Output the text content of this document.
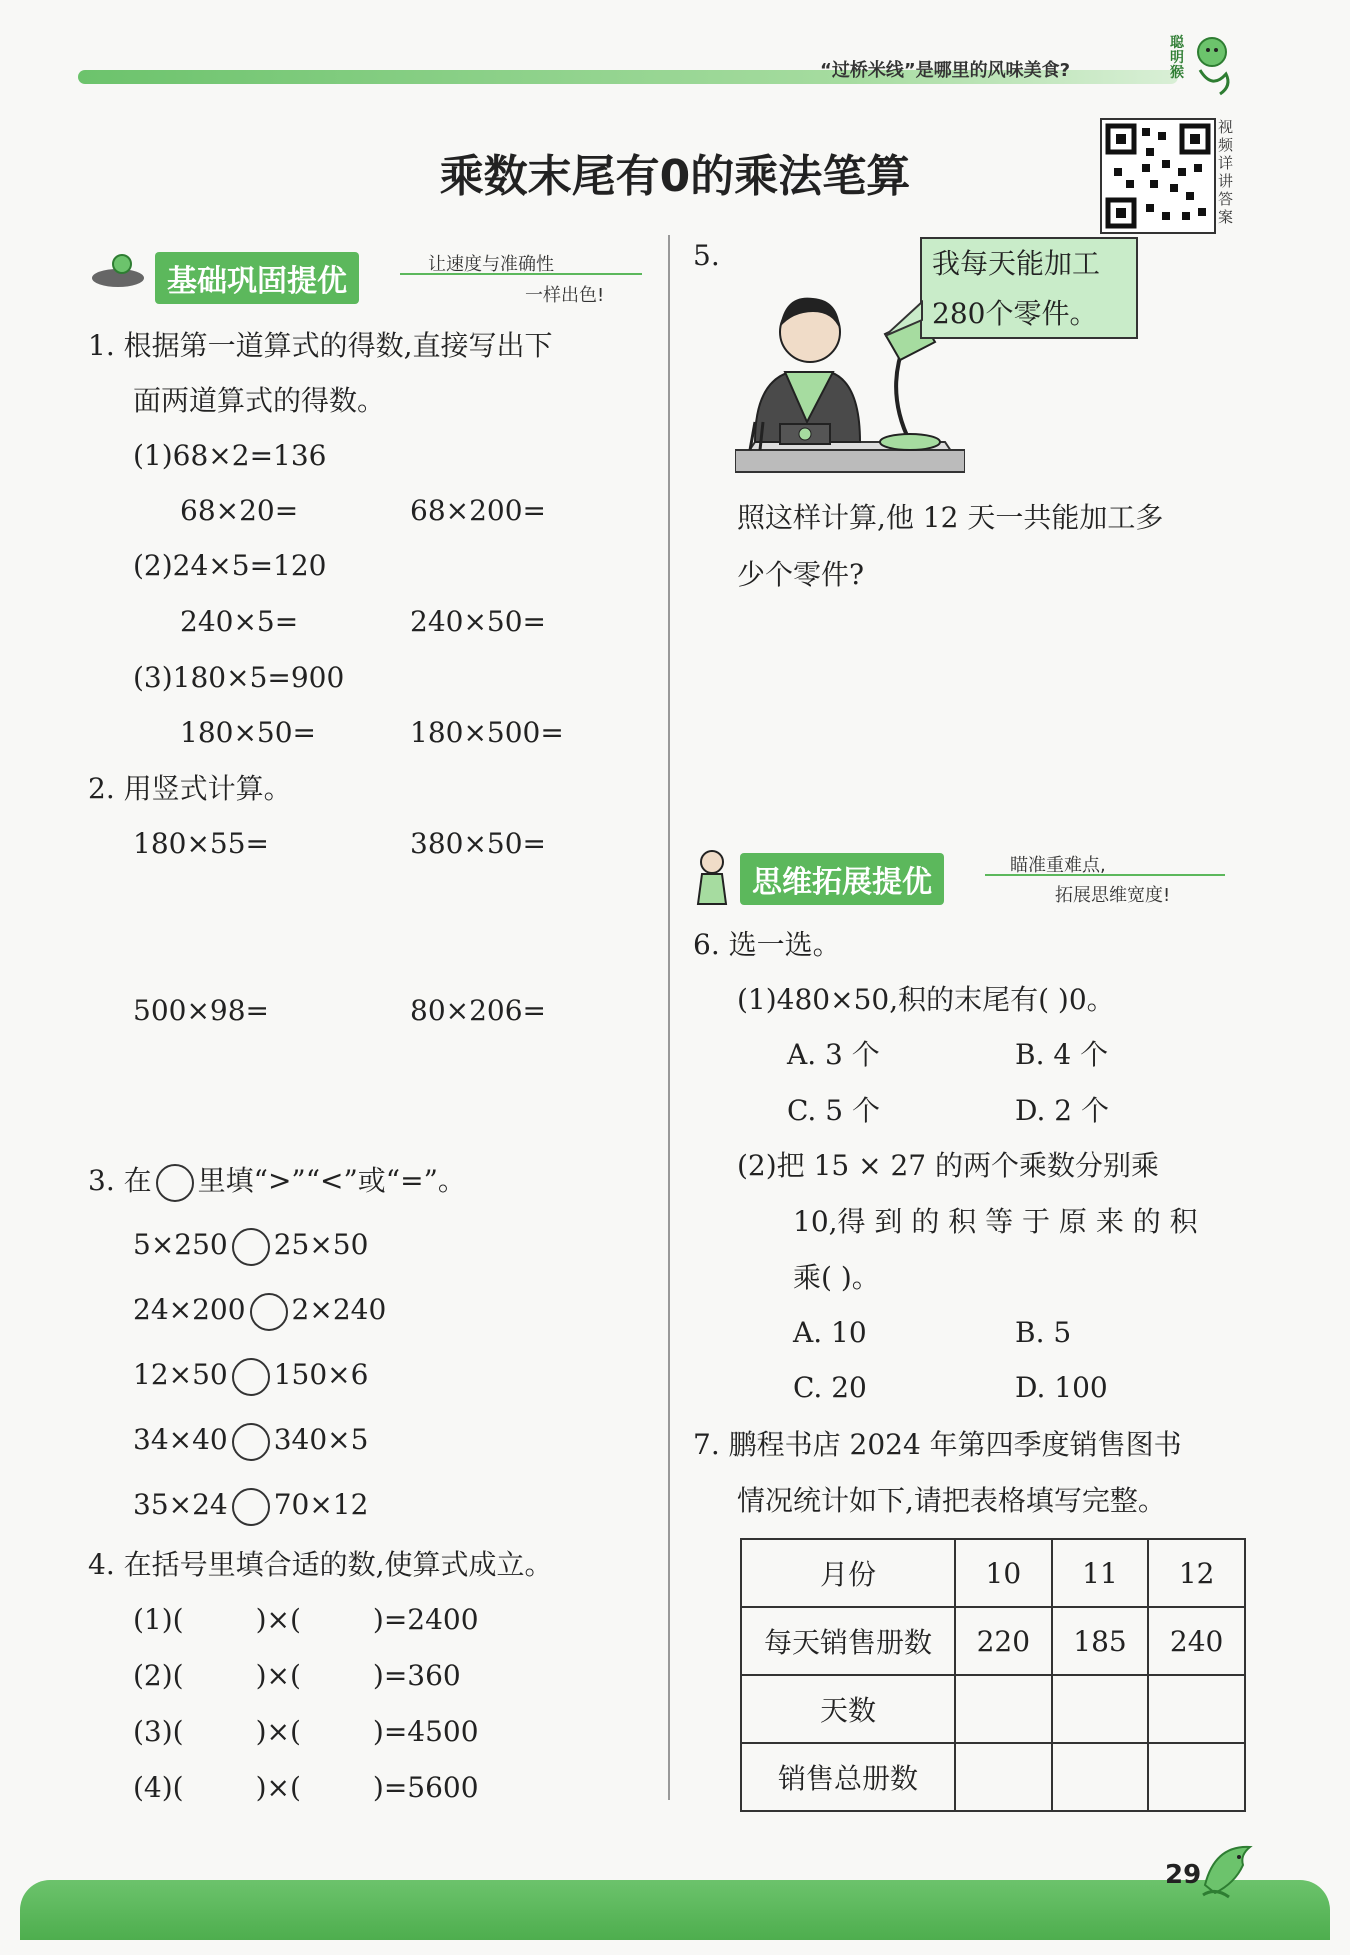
“过桥米线”是哪里的风味美食?
聪明猴
乘数末尾有0的乘法笔算
视频详讲答案
基础巩固提优	让速度与准确性
一样出色!
1. 根据第一道算式的得数,直接写出下
面两道算式的得数。
(1)68×2=136
68×20=	68×200=
(2)24×5=120
240×5=	240×50=
(3)180×5=900
180×50=	180×500=
2. 用竖式计算。
180×55=	380×50=
500×98=	80×206=
3. 在 里填“>”“<”或“=”。
5×250 25×50
24×200 2×240
12×50 150×6
34×40 340×5
35×24 70×12
4. 在括号里填合适的数,使算式成立。
(1)(	)×(	)=2400
(2)(	)×(	)=360
(3)(	)×(	)=4500
(4)(	)×(	)=5600
5.	我每天能加工
280个零件。
照这样计算,他 12 天一共能加工多
少个零件?
思维拓展提优	瞄准重难点,
拓展思维宽度!
6. 选一选。
(1)480×50,积的末尾有( )0。
A. 3 个	B. 4 个
C. 5 个	D. 2 个
(2)把 15 × 27 的两个乘数分别乘
10,得 到 的 积 等 于 原 来 的 积
乘( )。
A. 10	B. 5
C. 20	D. 100
7. 鹏程书店 2024 年第四季度销售图书
情况统计如下,请把表格填写完整。
月份	10	11	12
每天销售册数	220	185	240
天数			
销售总册数			
29
